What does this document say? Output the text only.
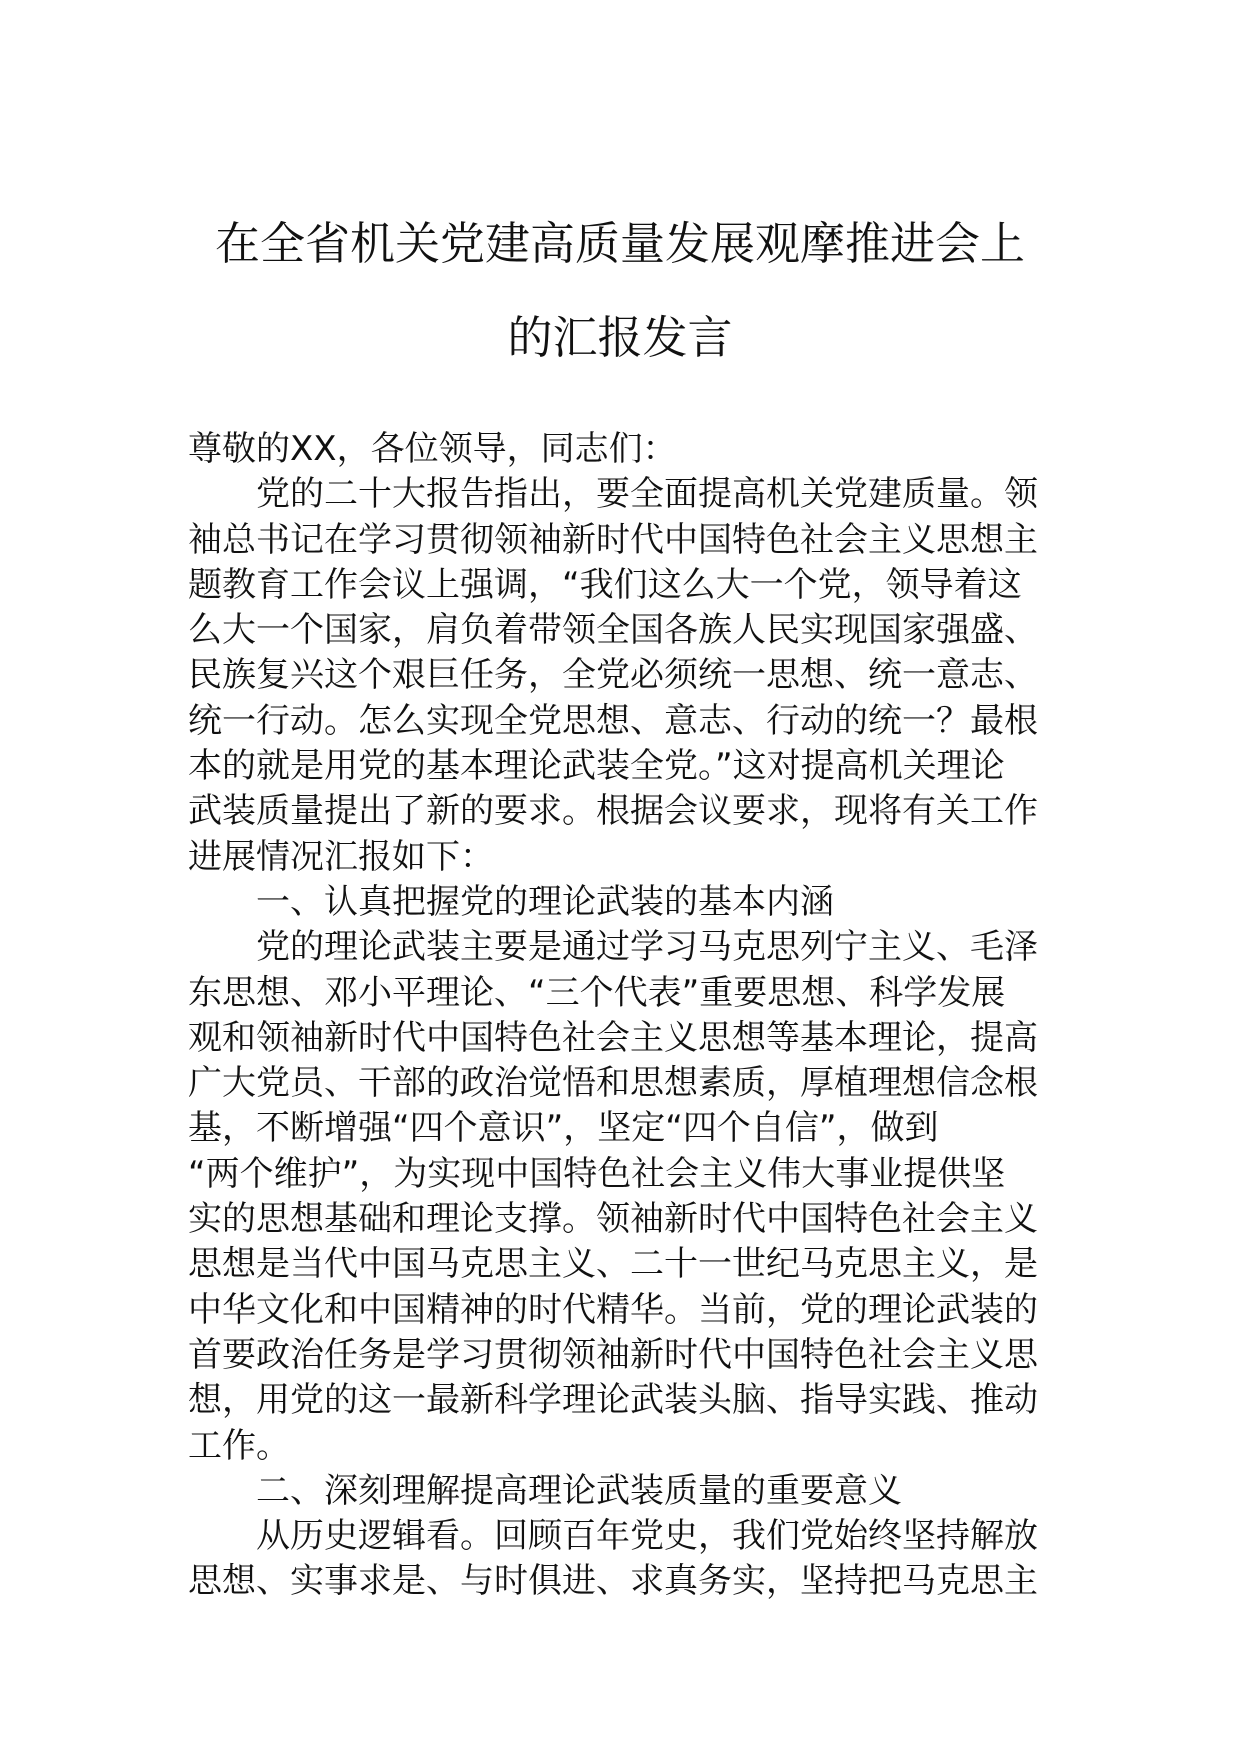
在全省机关党建高质量发展观摩推进会上
的汇报发言
尊敬的XX，各位领导，同志们：
党的二十大报告指出，要全面提高机关党建质量。领
袖总书记在学习贯彻领袖新时代中国特色社会主义思想主
题教育工作会议上强调，“我们这么大一个党，领导着这
么大一个国家，肩负着带领全国各族人民实现国家强盛、
民族复兴这个艰巨任务，全党必须统一思想、统一意志、
统一行动。怎么实现全党思想、意志、行动的统一？最根
本的就是用党的基本理论武装全党。”这对提高机关理论
武装质量提出了新的要求。根据会议要求，现将有关工作
进展情况汇报如下：
一、认真把握党的理论武装的基本内涵
党的理论武装主要是通过学习马克思列宁主义、毛泽
东思想、邓小平理论、“三个代表”重要思想、科学发展
观和领袖新时代中国特色社会主义思想等基本理论，提高
广大党员、干部的政治觉悟和思想素质，厚植理想信念根
基，不断增强“四个意识”，坚定“四个自信”，做到
“两个维护”，为实现中国特色社会主义伟大事业提供坚
实的思想基础和理论支撑。领袖新时代中国特色社会主义
思想是当代中国马克思主义、二十一世纪马克思主义，是
中华文化和中国精神的时代精华。当前，党的理论武装的
首要政治任务是学习贯彻领袖新时代中国特色社会主义思
想，用党的这一最新科学理论武装头脑、指导实践、推动
工作。
二、深刻理解提高理论武装质量的重要意义
从历史逻辑看。回顾百年党史，我们党始终坚持解放
思想、实事求是、与时俱进、求真务实，坚持把马克思主
